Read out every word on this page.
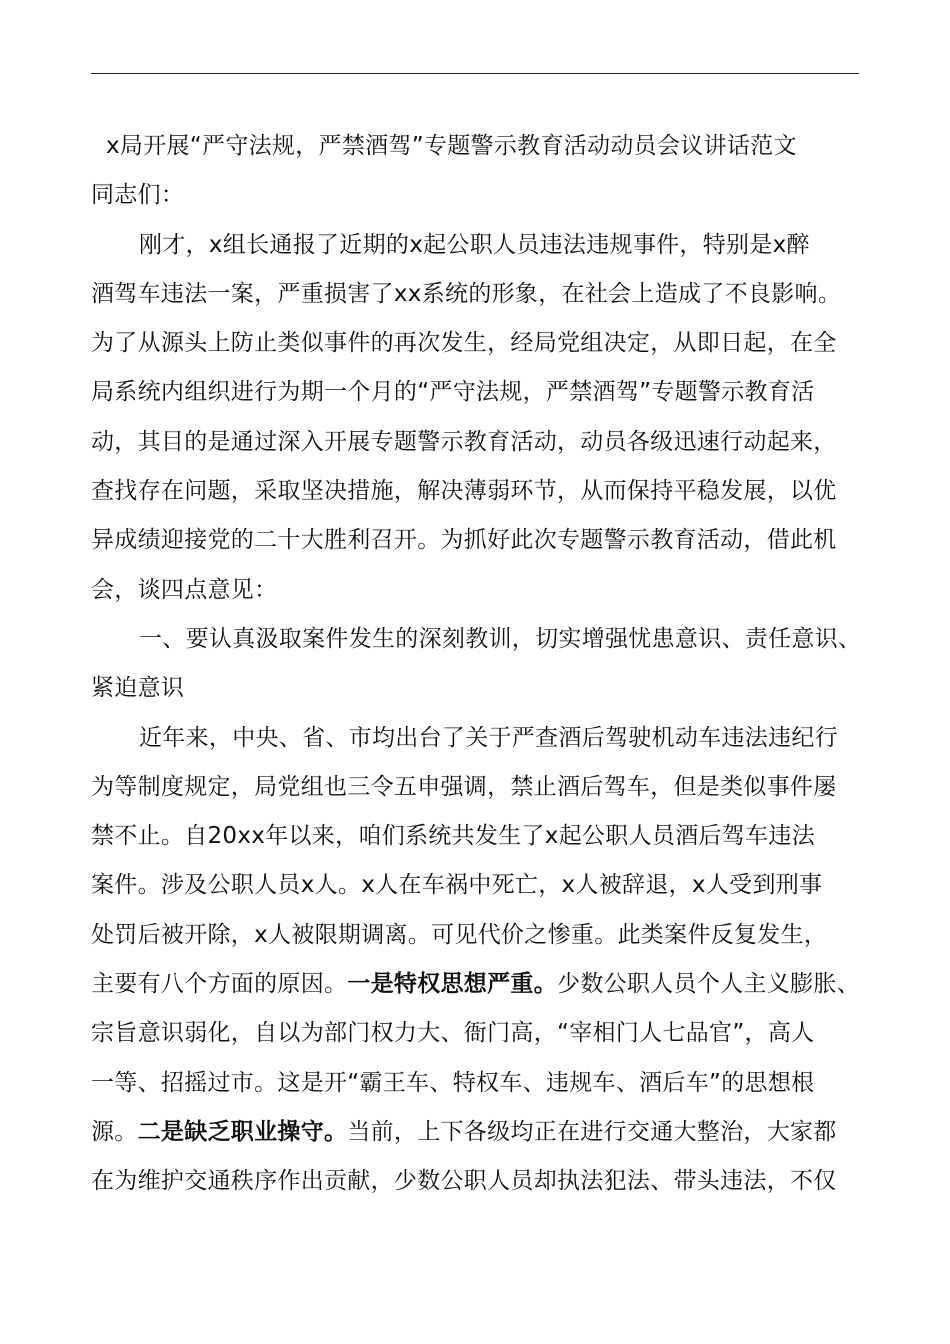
x局开展“严守法规，严禁酒驾”专题警示教育活动动员会议讲话范文

同志们：

刚才，x组长通报了近期的x起公职人员违法违规事件，特别是x醉

酒驾车违法一案，严重损害了xx系统的形象，在社会上造成了不良影响。

为了从源头上防止类似事件的再次发生，经局党组决定，从即日起，在全

局系统内组织进行为期一个月的“严守法规，严禁酒驾”专题警示教育活

动，其目的是通过深入开展专题警示教育活动，动员各级迅速行动起来，

查找存在问题，采取坚决措施，解决薄弱环节，从而保持平稳发展，以优

异成绩迎接党的二十大胜利召开。为抓好此次专题警示教育活动，借此机

会，谈四点意见：

一、要认真汲取案件发生的深刻教训，切实增强忧患意识、责任意识、

紧迫意识

近年来，中央、省、市均出台了关于严查酒后驾驶机动车违法违纪行

为等制度规定，局党组也三令五申强调，禁止酒后驾车，但是类似事件屡

禁不止。自20xx年以来，咱们系统共发生了x起公职人员酒后驾车违法

案件。涉及公职人员x人。x人在车祸中死亡，x人被辞退，x人受到刑事

处罚后被开除，x人被限期调离。可见代价之惨重。此类案件反复发生，

主要有八个方面的原因。一是特权思想严重。少数公职人员个人主义膨胀、

宗旨意识弱化，自以为部门权力大、衙门高，“宰相门人七品官”，高人

一等、招摇过市。这是开“霸王车、特权车、违规车、酒后车”的思想根

源。二是缺乏职业操守。当前，上下各级均正在进行交通大整治，大家都

在为维护交通秩序作出贡献，少数公职人员却执法犯法、带头违法，不仅
